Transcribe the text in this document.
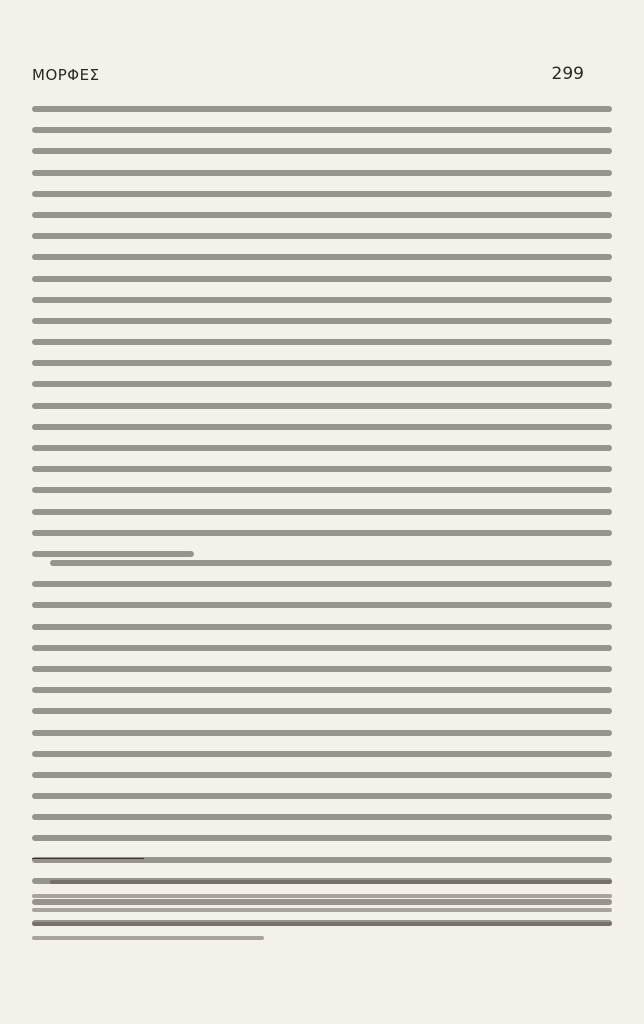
ΜΟΡΦΕΣ	299
